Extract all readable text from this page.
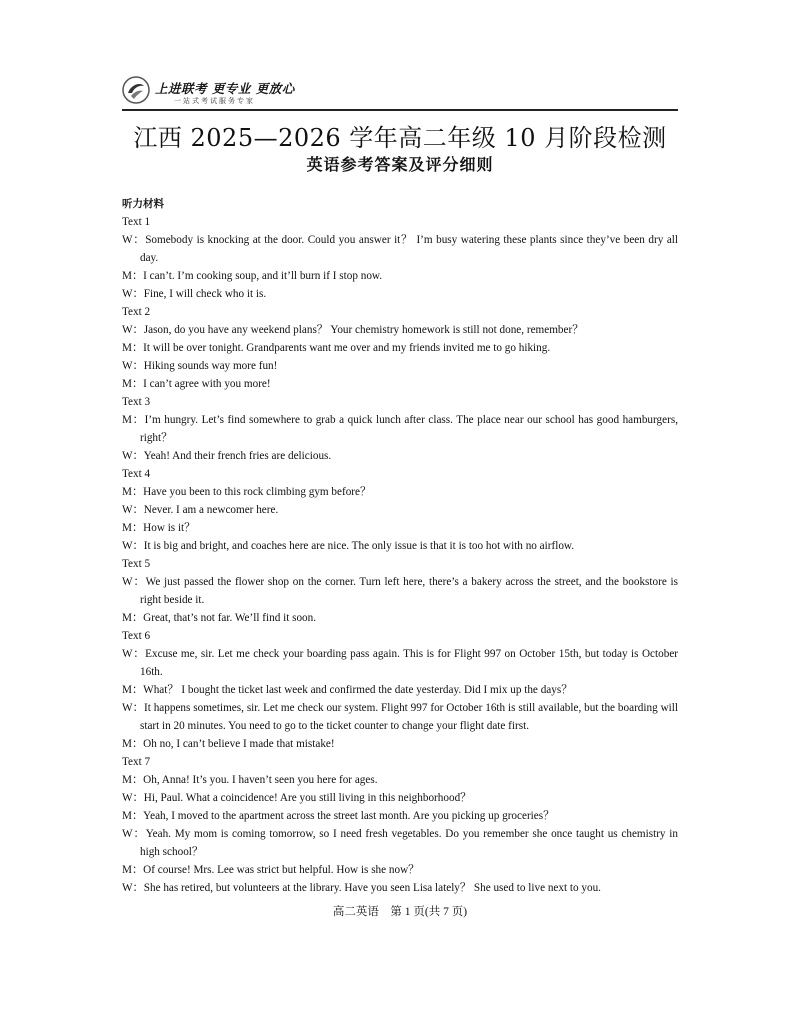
上进联考 更专业 更放心
一站式考试服务专家
江西 2025—2026 学年高二年级 10 月阶段检测
英语参考答案及评分细则
听力材料
Text 1
W：Somebody is knocking at the door. Could you answer it？ I’m busy watering these plants since they’ve been dry all day.
M：I can’t. I’m cooking soup, and it’ll burn if I stop now.
W：Fine, I will check who it is.
Text 2
W：Jason, do you have any weekend plans？ Your chemistry homework is still not done, remember？
M：It will be over tonight. Grandparents want me over and my friends invited me to go hiking.
W：Hiking sounds way more fun!
M：I can’t agree with you more!
Text 3
M：I’m hungry. Let’s find somewhere to grab a quick lunch after class. The place near our school has good hamburgers, right？
W：Yeah! And their french fries are delicious.
Text 4
M：Have you been to this rock climbing gym before？
W：Never. I am a newcomer here.
M：How is it？
W：It is big and bright, and coaches here are nice. The only issue is that it is too hot with no airflow.
Text 5
W：We just passed the flower shop on the corner. Turn left here, there’s a bakery across the street, and the bookstore is right beside it.
M：Great, that’s not far. We’ll find it soon.
Text 6
W：Excuse me, sir. Let me check your boarding pass again. This is for Flight 997 on October 15th, but today is October 16th.
M：What？ I bought the ticket last week and confirmed the date yesterday. Did I mix up the days？
W：It happens sometimes, sir. Let me check our system. Flight 997 for October 16th is still available, but the boarding will start in 20 minutes. You need to go to the ticket counter to change your flight date first.
M：Oh no, I can’t believe I made that mistake!
Text 7
M：Oh, Anna! It’s you. I haven’t seen you here for ages.
W：Hi, Paul. What a coincidence! Are you still living in this neighborhood？
M：Yeah, I moved to the apartment across the street last month. Are you picking up groceries？
W：Yeah. My mom is coming tomorrow, so I need fresh vegetables. Do you remember she once taught us chemistry in high school？
M：Of course! Mrs. Lee was strict but helpful. How is she now？
W：She has retired, but volunteers at the library. Have you seen Lisa lately？ She used to live next to you.
高二英语　第 1 页(共 7 页)
